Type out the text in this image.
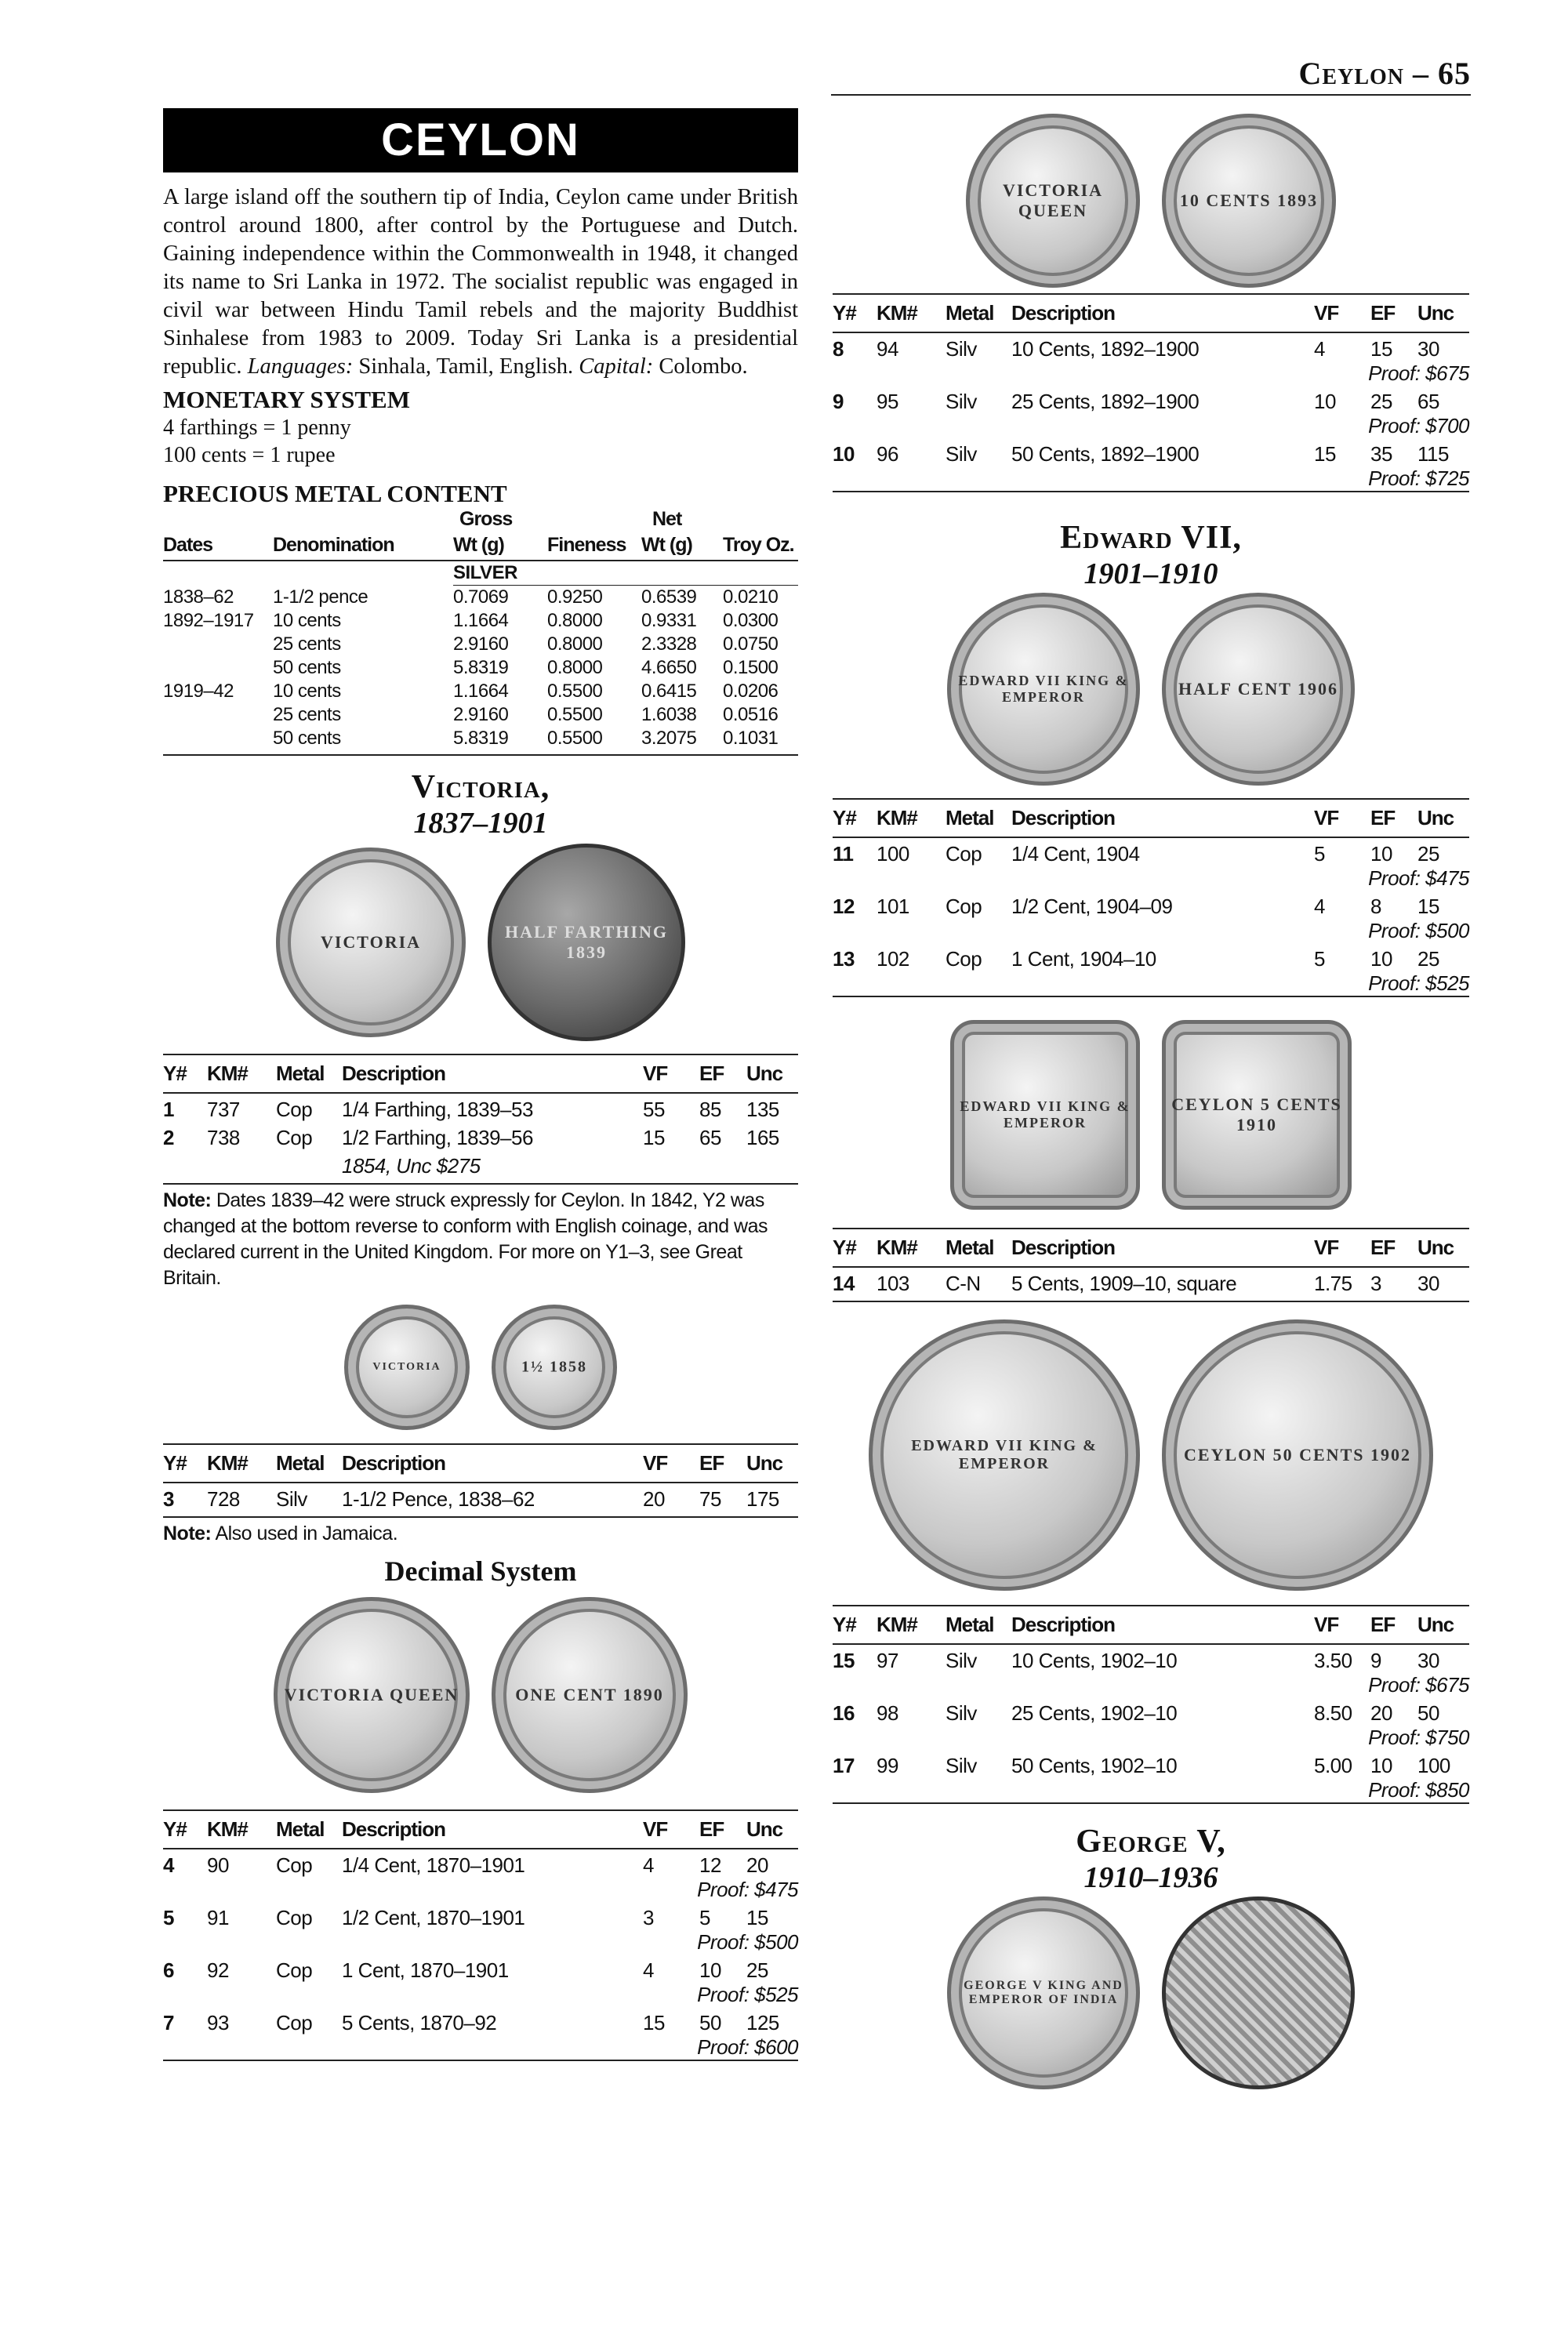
Ceylon – 65
CEYLON
A large island off the southern tip of India, Ceylon came under British control around 1800, after control by the Portuguese and Dutch. Gaining independence within the Commonwealth in 1948, it changed its name to Sri Lanka in 1972. The socialist republic was engaged in civil war between Hindu Tamil rebels and the majority Buddhist Sinhalese from 1983 to 2009. Today Sri Lanka is a presidential republic. Languages: Sinhala, Tamil, English. Capital: Colombo.
MONETARY SYSTEM
4 farthings = 1 penny
100 cents = 1 rupee
PRECIOUS METAL CONTENT
		Gross		Net	
Dates	Denomination	Wt (g)	Fineness	Wt (g)	Troy Oz.
		SILVER			
1838–62	1-1/2 pence	0.7069	0.9250	0.6539	0.0210
1892–1917	10 cents	1.1664	0.8000	0.9331	0.0300
	25 cents	2.9160	0.8000	2.3328	0.0750
	50 cents	5.8319	0.8000	4.6650	0.1500
1919–42	10 cents	1.1664	0.5500	0.6415	0.0206
	25 cents	2.9160	0.5500	1.6038	0.0516
	50 cents	5.8319	0.5500	3.2075	0.1031
Victoria,
1837–1901
VICTORIA
HALF FARTHING 1839
Y#	KM#	Metal	Description	VF	EF	Unc
1	737	Cop	1/4 Farthing, 1839–53	55	85	135
2	738	Cop	1/2 Farthing, 1839–56	15	65	165
			1854, Unc $275			
Note: Dates 1839–42 were struck expressly for Ceylon. In 1842, Y2 was changed at the bottom reverse to conform with English coinage, and was declared current in the United Kingdom. For more on Y1–3, see Great Britain.
VICTORIA	1½ 1858
Y#	KM#	Metal	Description	VF	EF	Unc
3	728	Silv	1-1/2 Pence, 1838–62	20	75	175
Note: Also used in Jamaica.
Decimal System
VICTORIA QUEEN	ONE CENT 1890
Y#	KM#	Metal	Description	VF	EF	Unc
4	90	Cop	1/4 Cent, 1870–1901	4	12	20
Proof: $475						
5	91	Cop	1/2 Cent, 1870–1901	3	5	15
Proof: $500						
6	92	Cop	1 Cent, 1870–1901	4	10	25
Proof: $525						
7	93	Cop	5 Cents, 1870–92	15	50	125
Proof: $600						
VICTORIA QUEEN
10 CENTS 1893
Y#	KM#	Metal	Description	VF	EF	Unc
8	94	Silv	10 Cents, 1892–1900	4	15	30
Proof: $675						
9	95	Silv	25 Cents, 1892–1900	10	25	65
Proof: $700						
10	96	Silv	50 Cents, 1892–1900	15	35	115
Proof: $725						
Edward VII,
1901–1910
EDWARD VII KING & EMPEROR	HALF CENT 1906
Y#	KM#	Metal	Description	VF	EF	Unc
11	100	Cop	1/4 Cent, 1904	5	10	25
Proof: $475						
12	101	Cop	1/2 Cent, 1904–09	4	8	15
Proof: $500						
13	102	Cop	1 Cent, 1904–10	5	10	25
Proof: $525						
EDWARD VII KING & EMPEROR
CEYLON 5 CENTS 1910
Y#	KM#	Metal	Description	VF	EF	Unc
14	103	C-N	5 Cents, 1909–10, square	1.75	3	30
EDWARD VII KING & EMPEROR	CEYLON 50 CENTS 1902
Y#	KM#	Metal	Description	VF	EF	Unc
15	97	Silv	10 Cents, 1902–10	3.50	9	30
Proof: $675						
16	98	Silv	25 Cents, 1902–10	8.50	20	50
Proof: $750						
17	99	Silv	50 Cents, 1902–10	5.00	10	100
Proof: $850						
George V,
1910–1936
GEORGE V KING AND EMPEROR OF INDIA
